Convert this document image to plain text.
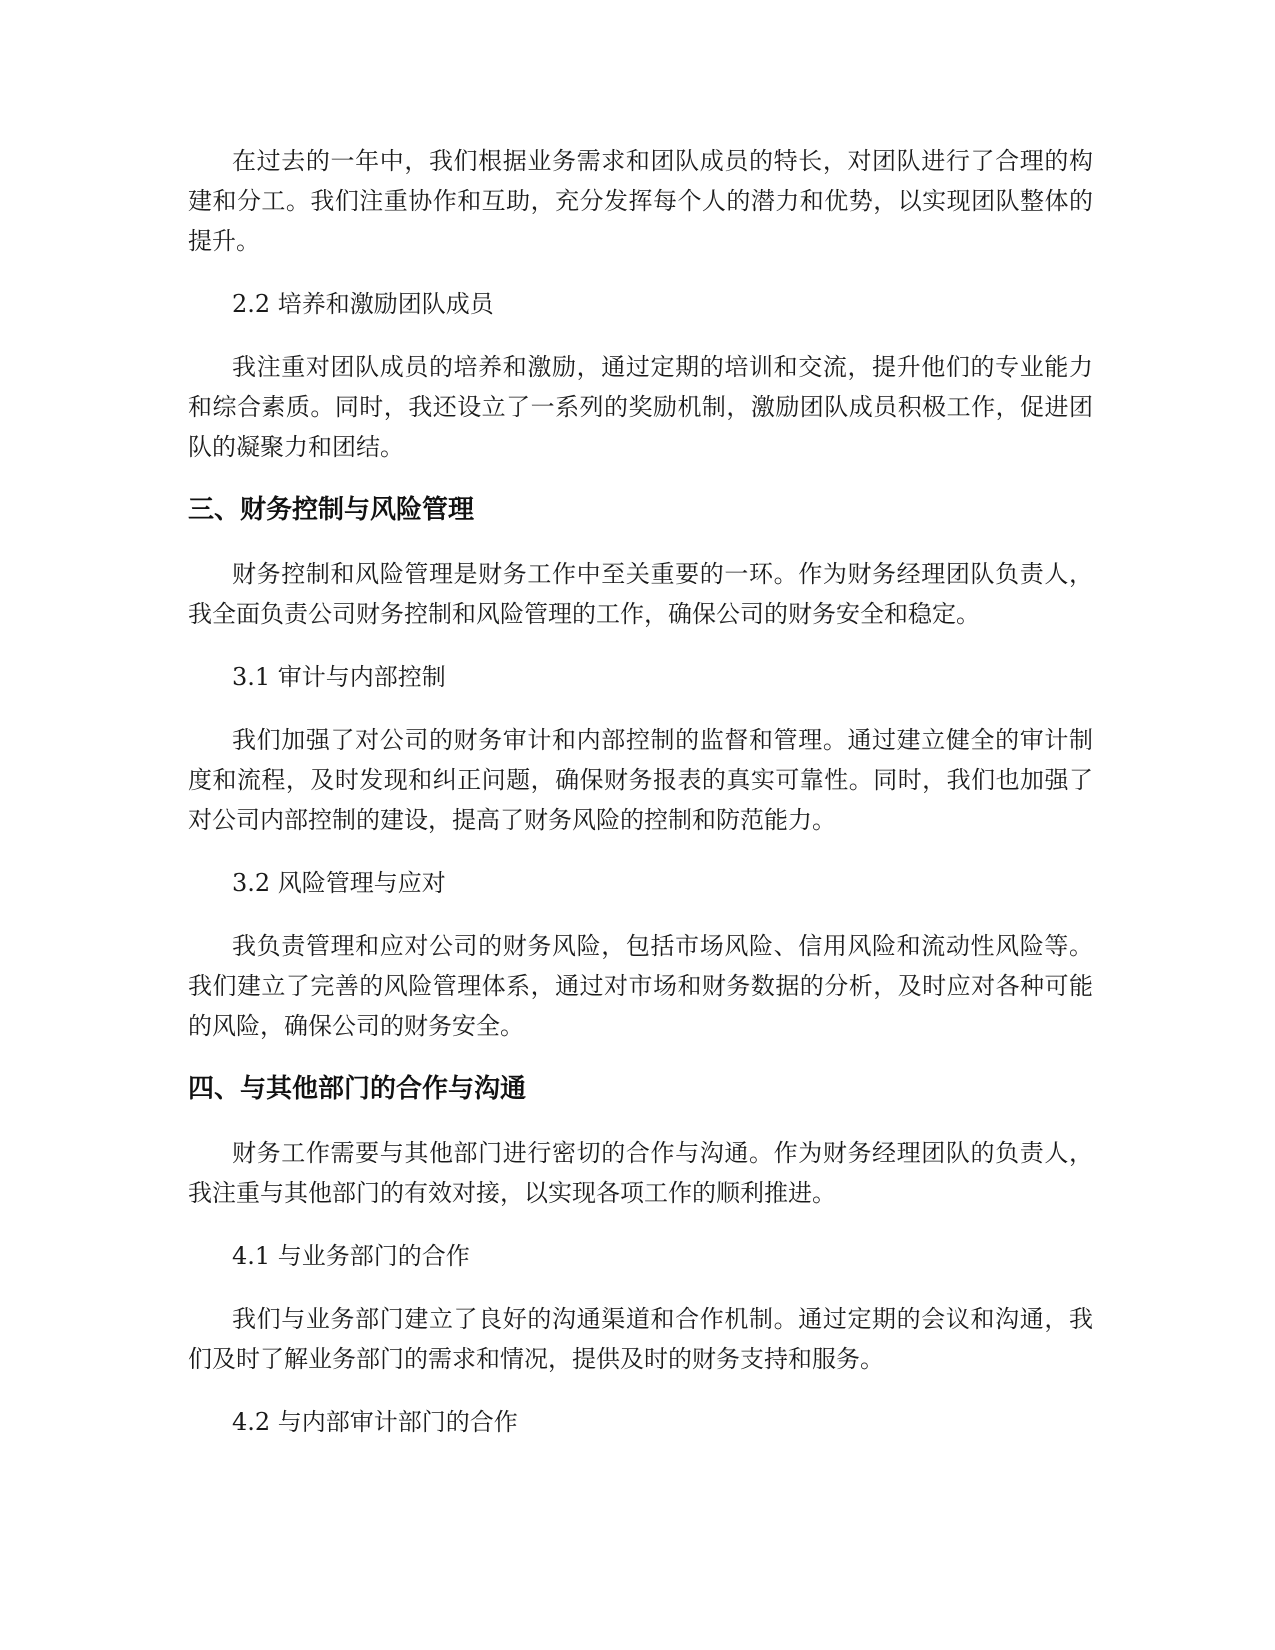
在过去的一年中，我们根据业务需求和团队成员的特长，对团队进行了合理的构建和分工。我们注重协作和互助，充分发挥每个人的潜力和优势，以实现团队整体的提升。

2.2 培养和激励团队成员

我注重对团队成员的培养和激励，通过定期的培训和交流，提升他们的专业能力和综合素质。同时，我还设立了一系列的奖励机制，激励团队成员积极工作，促进团队的凝聚力和团结。

三、财务控制与风险管理

财务控制和风险管理是财务工作中至关重要的一环。作为财务经理团队负责人，我全面负责公司财务控制和风险管理的工作，确保公司的财务安全和稳定。

3.1 审计与内部控制

我们加强了对公司的财务审计和内部控制的监督和管理。通过建立健全的审计制度和流程，及时发现和纠正问题，确保财务报表的真实可靠性。同时，我们也加强了对公司内部控制的建设，提高了财务风险的控制和防范能力。

3.2 风险管理与应对

我负责管理和应对公司的财务风险，包括市场风险、信用风险和流动性风险等。我们建立了完善的风险管理体系，通过对市场和财务数据的分析，及时应对各种可能的风险，确保公司的财务安全。

四、与其他部门的合作与沟通

财务工作需要与其他部门进行密切的合作与沟通。作为财务经理团队的负责人，我注重与其他部门的有效对接，以实现各项工作的顺利推进。

4.1 与业务部门的合作

我们与业务部门建立了良好的沟通渠道和合作机制。通过定期的会议和沟通，我们及时了解业务部门的需求和情况，提供及时的财务支持和服务。

4.2 与内部审计部门的合作
